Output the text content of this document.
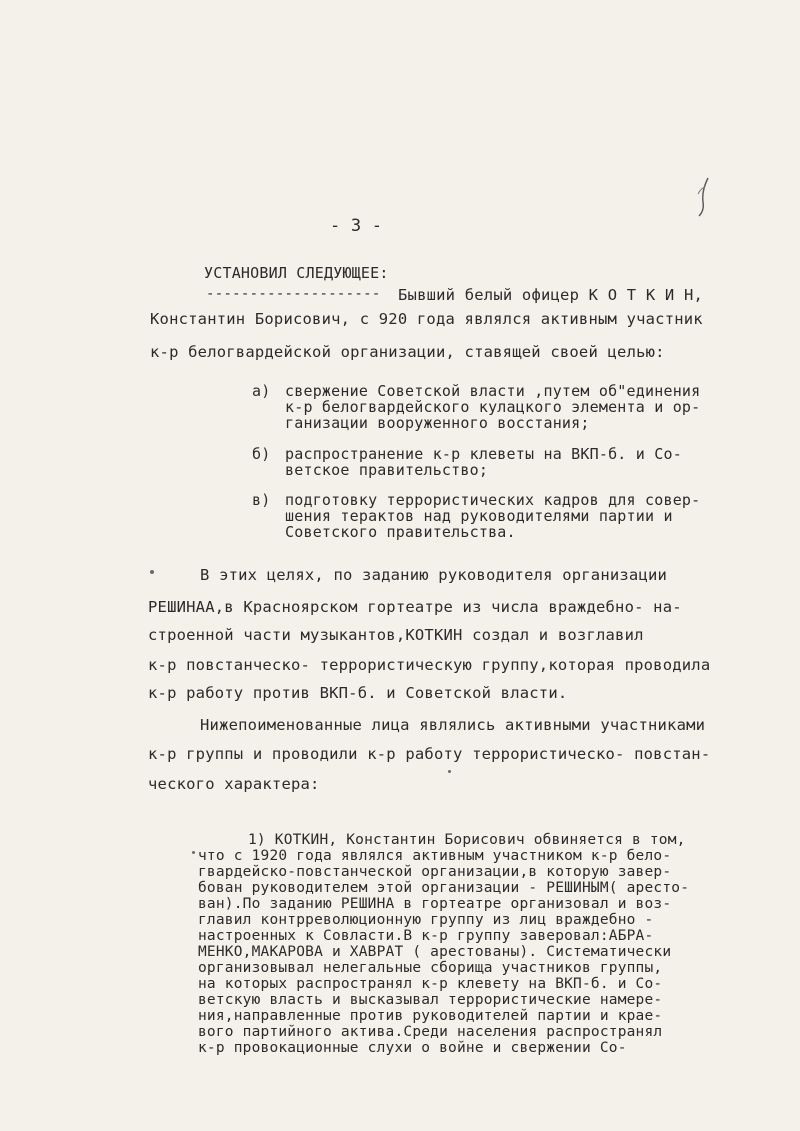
- 3 -
УСТАНОВИЛ СЛЕДУЮЩЕЕ:
-------------------- Бывший белый офицер К О Т К И Н,
Константин Борисович, с 920 года являлся активным участник
к-р белогвардейской организации, ставящей своей целью:
а) свержение Советской власти ,путем об"единения
к-р белогвардейского кулацкого элемента и ор-
ганизации вооруженного восстания;
б) распространение к-р клеветы на ВКП-б. и Со-
ветское правительство;
в) подготовку террористических кадров для совер-
шения терактов над руководителями партии и
Советского правительства.
В этих целях, по заданию руководителя организации
РЕШИНАА,в Красноярском гортеатре из числа враждебно- на-
строенной части музыкантов,КОТКИН создал и возглавил
к-р повстанческо- террористическую группу,которая проводила
к-р работу против ВКП-б. и Советской власти.
Нижепоименованные лица являлись активными участниками
к-р группы и проводили к-р работу террористическо- повстан-
ческого характера:
1) КОТКИН, Константин Борисович обвиняется в том,
что с 1920 года являлся активным участником к-р бело-
гвардейско-повстанческой организации,в которую завер-
бован руководителем этой организации - РЕШИНЫМ( аресто-
ван).По заданию РЕШИНА в гортеатре организовал и воз-
главил контрреволюционную группу из лиц враждебно -
настроенных к Совласти.В к-р группу заверовал:АБРА-
МЕНКО,МАКАРОВА и ХАВРАТ ( арестованы). Систематически
организовывал нелегальные сборища участников группы,
на которых распространял к-р клевету на ВКП-б. и Со-
ветскую власть и высказывал террористические намере-
ния,направленные против руководителей партии и крае-
вого партийного актива.Среди населения распространял
к-р провокационные слухи о войне и свержении Со-
